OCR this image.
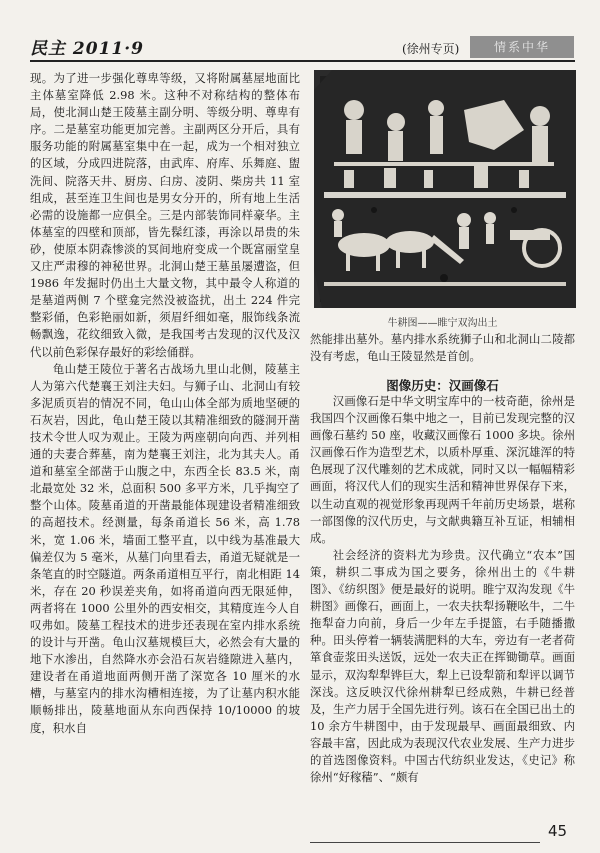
民主 2011·9	(徐州专页)	情系中华

现。为了进一步强化尊卑等级，又将附属墓屋地面比主体墓室降低 2.98 米。这种不对称结构的整体布局，使北洞山楚王陵墓主副分明、等级分明、尊卑有序。二是墓室功能更加完善。主副两区分开后，具有服务功能的附属墓室集中在一起，成为一个相对独立的区域，分成四进院落，由武库、府库、乐舞庭、盥洗间、院落天井、厨房、臼房、凌阴、柴房共 11 室组成，甚至连卫生间也是男女分开的，所有地上生活必需的设施都一应俱全。三是内部装饰同样豪华。主体墓室的四壁和顶部，皆先髹红漆，再涂以昂贵的朱砂，使原本阴森惨淡的冥间地府变成一个既富丽堂皇又庄严肃穆的神秘世界。北洞山楚王墓虽屡遭盗，但 1986 年发掘时仍出土大量文物，其中最令人称道的是墓道两侧 7 个壁龛完然没被盗扰，出土 224 件完整彩俑，色彩艳丽如新，须眉纤细如毫，服饰线条流畅飘逸，花纹细致入微，是我国考古发现的汉代及汉代以前色彩保存最好的彩绘俑群。

龟山楚王陵位于著名古战场九里山北侧，陵墓主人为第六代楚襄王刘注夫妇。与狮子山、北洞山有较多泥质页岩的情况不同，龟山山体全部为质地坚硬的石灰岩，因此，龟山楚王陵以其精准细致的隧洞开凿技术令世人叹为观止。王陵为两座朝向向西、并列相通的夫妻合葬墓，南为楚襄王刘注，北为其夫人。甬道和墓室全部凿于山腹之中，东西全长 83.5 米，南北最宽处 32 米，总面积 500 多平方米，几乎掏空了整个山体。陵墓甬道的开凿最能体现建设者精准细致的高超技术。经测量，每条甬道长 56 米，高 1.78 米，宽 1.06 米，墙面工整平直，以中线为基准最大偏差仅为 5 毫米，从墓门向里看去，甬道无疑就是一条笔直的时空隧道。两条甬道相互平行，南北相距 14 米，存在 20 秒误差夹角，如将甬道向西无限延伸，两者将在 1000 公里外的西安相交，其精度连今人自叹弗如。陵墓工程技术的进步还表现在室内排水系统的设计与开凿。龟山汉墓规模巨大，必然会有大量的地下水渗出，自然降水亦会沿石灰岩缝隙进入墓内，建设者在甬道地面两侧开凿了深宽各 10 厘米的水槽，与墓室内的排水沟槽相连接，为了让墓内积水能顺畅排出，陵墓地面从东向西保持 10/10000 的坡度，积水自

牛耕图——睢宁双沟出土

然能排出墓外。墓内排水系统狮子山和北洞山二陵都没有考虑，龟山王陵显然是首创。

图像历史：汉画像石

汉画像石是中华文明宝库中的一枝奇葩，徐州是我国四个汉画像石集中地之一，目前已发现完整的汉画像石墓约 50 座，收藏汉画像石 1000 多块。徐州汉画像石作为造型艺术，以质朴厚重、深沉雄浑的特色展现了汉代雕刻的艺术成就，同时又以一幅幅精彩画面，将汉代人们的现实生活和精神世界保存下来，以生动直观的视觉形象再现两千年前历史场景，堪称一部图像的汉代历史，与文献典籍互补互证，相辅相成。

社会经济的资料尤为珍贵。汉代确立“农本”国策，耕织二事成为国之要务，徐州出土的《牛耕图》、《纺织图》便是最好的说明。睢宁双沟发现《牛耕图》画像石，画面上，一农夫扶犁扬鞭吆牛，二牛拖犁奋力向前，身后一少年左手提篮，右手随播撒种。田头停着一辆装满肥料的大车，旁边有一老者荷箪食壶浆田头送饭，远处一农夫正在挥锄锄草。画面显示，双沟犁犁铧巨大，犁上已设犁箭和犁评以调节深浅。这反映汉代徐州耕犁已经成熟，牛耕已经普及，生产力居于全国先进行列。该石在全国已出土的 10 余方牛耕图中，由于发现最早、画面最细致、内容最丰富，因此成为表现汉代农业发展、生产力进步的首选图像资料。中国古代纺织业发达，《史记》称徐州“好稼穑”、“颇有

45
